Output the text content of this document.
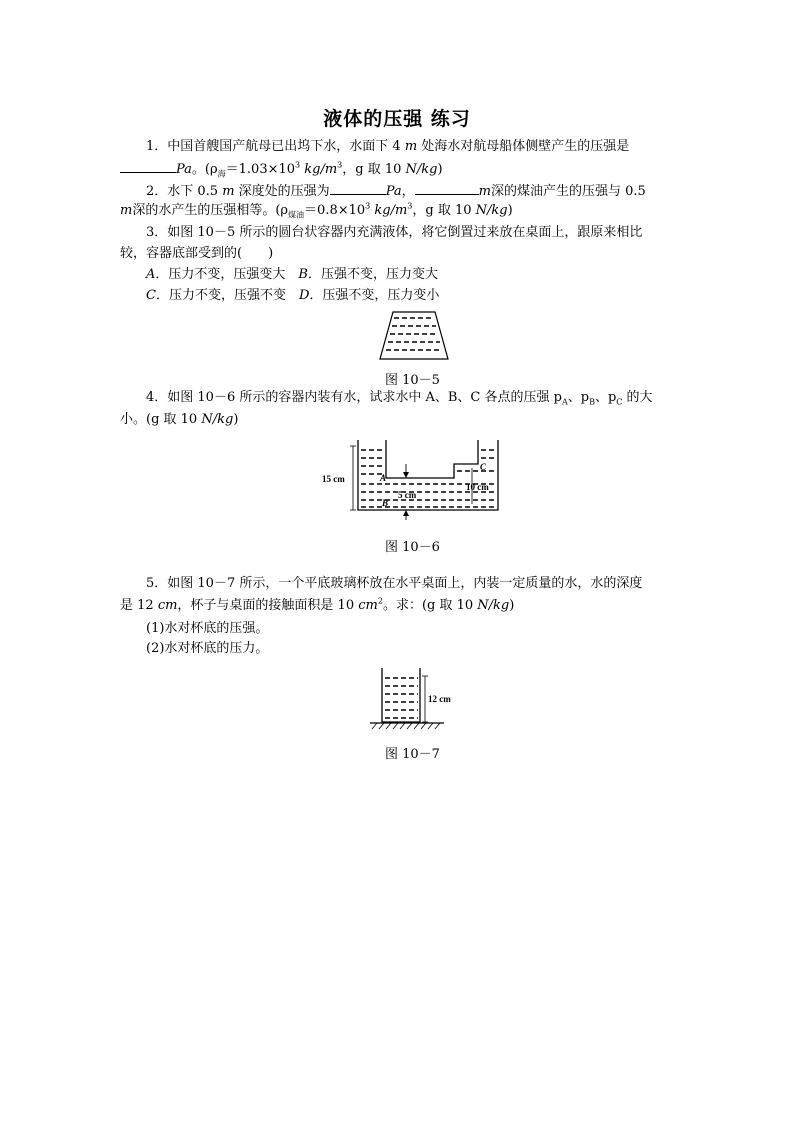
液体的压强 练习
1．中国首艘国产航母已出坞下水，水面下 4 m 处海水对航母船体侧壁产生的压强是
Pa。($\rho_海=1.03\times 10^3$ $kg/m^3$，g 取 10 N/kg)
2．水下 0.5 m 深度处的压强为	Pa，	m深的煤油产生的压强与 0.5
m深的水产生的压强相等。($\rho_{煤油}=0.8\times 10^3$ $kg/m^3$，g 取 10 N/kg)
3．如图 10－5 所示的圆台状容器内充满液体，将它倒置过来放在桌面上，跟原来相比
较，容器底部受到的(　　)
A．压力不变，压强变大　B．压强不变，压力变大
C．压力不变，压强不变　D．压强不变，压力变小
图 10－5
4．如图 10－6 所示的容器内装有水，试求水中 A、B、C 各点的压强 $p_A$、$p_B$、$p_C$ 的大
小。(g 取 10 N/kg)
15 cm	A
B
5 cm
C
10 cm
图 10－6
5．如图 10－7 所示，一个平底玻璃杯放在水平桌面上，内装一定质量的水，水的深度
是 12 cm，杯子与桌面的接触面积是 10 $cm^2$。求：(g 取 10 N/kg)
(1)水对杯底的压强。
(2)水对杯底的压力。
12 cm
图 10－7
